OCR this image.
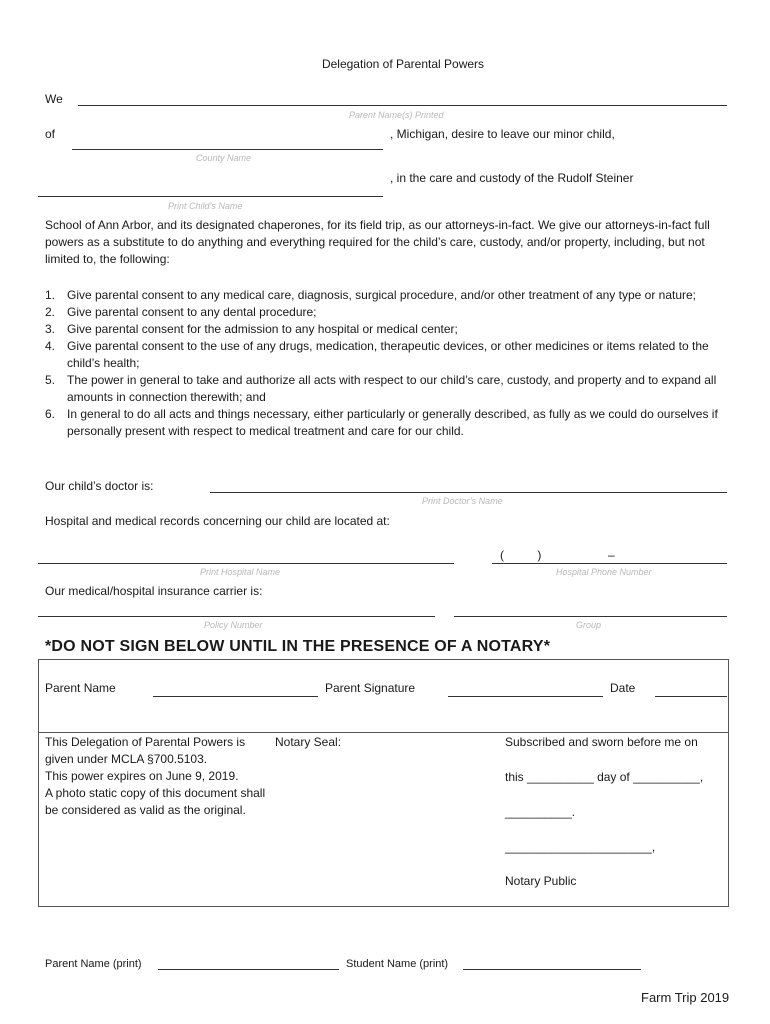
Delegation of Parental Powers
We
Parent Name(s) Printed
of	, Michigan, desire to leave our minor child,
County Name
, in the care and custody of the Rudolf Steiner
Print Child’s Name
School of Ann Arbor, and its designated chaperones, for its field trip, as our attorneys-in-fact. We give our attorneys-in-fact full powers as a substitute to do anything and everything required for the child’s care, custody, and/or property, including, but not limited to, the following:
1. Give parental consent to any medical care, diagnosis, surgical procedure, and/or other treatment of any type or nature;
2. Give parental consent to any dental procedure;
3. Give parental consent for the admission to any hospital or medical center;
4. Give parental consent to the use of any drugs, medication, therapeutic devices, or other medicines or items related to the child’s health;
5. The power in general to take and authorize all acts with respect to our child’s care, custody, and property and to expand all amounts in connection therewith; and
6. In general to do all acts and things necessary, either particularly or generally described, as fully as we could do ourselves if personally present with respect to medical treatment and care for our child.
Our child’s doctor is:
Print Doctor’s Name
Hospital and medical records concerning our child are located at:
(          )                    –
Print Hospital Name	Hospital Phone Number
Our medical/hospital insurance carrier is:
Policy Number	Group
*DO NOT SIGN BELOW UNTIL IN THE PRESENCE OF A NOTARY*
Parent Name	Parent Signature	Date
This Delegation of Parental Powers is given under MCLA §700.5103.
This power expires on June 9, 2019.
A photo static copy of this document shall be considered as valid as the original.
Notary Seal:	Subscribed and sworn before me on
this __________ day of __________,
__________.
______________________,
Notary Public
Parent Name (print)	Student Name (print)
Farm Trip 2019
